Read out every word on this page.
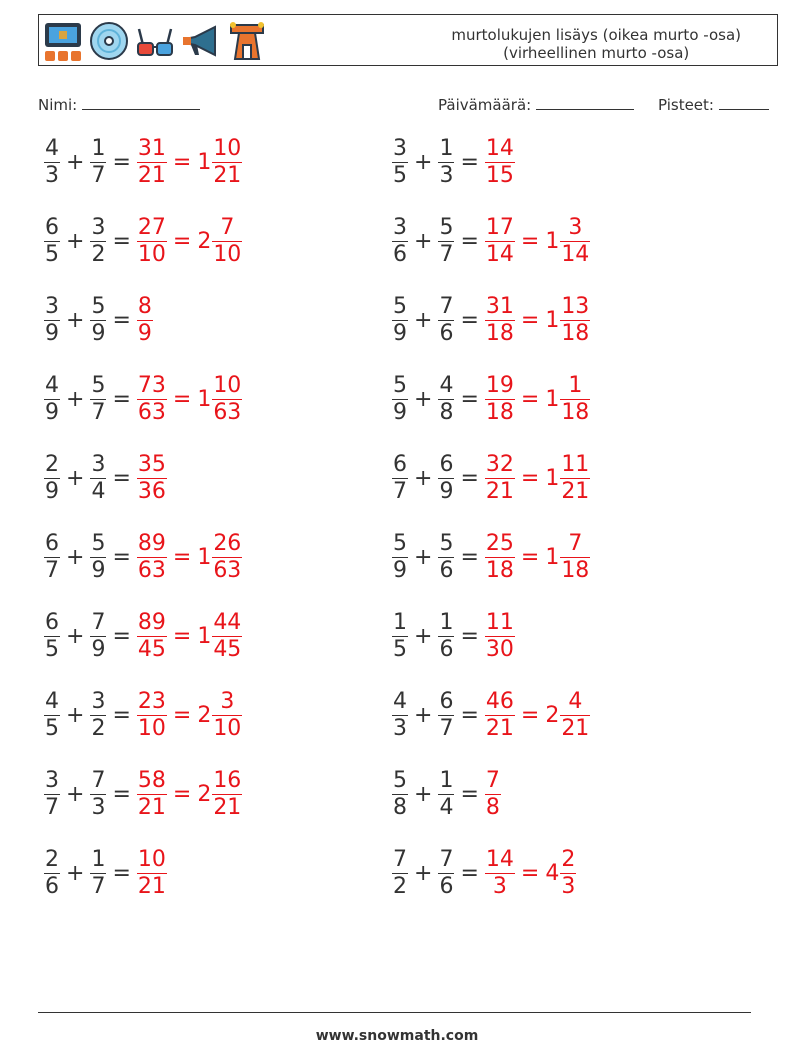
murtolukujen lisäys (oikea murto -osa)
(virheellinen murto -osa)
Nimi:	Päivämäärä:	Pisteet:
$\frac{4}{3} + \frac{1}{7} = \frac{31}{21} = 1 \frac{10}{21}$	$\frac{3}{5} + \frac{1}{3} = \frac{14}{15}$
$\frac{6}{5} + \frac{3}{2} = \frac{27}{10} = 2 \frac{7}{10}$	$\frac{3}{6} + \frac{5}{7} = \frac{17}{14} = 1 \frac{3}{14}$
$\frac{3}{9} + \frac{5}{9} = \frac{8}{9}$	$\frac{5}{9} + \frac{7}{6} = \frac{31}{18} = 1 \frac{13}{18}$
$\frac{4}{9} + \frac{5}{7} = \frac{73}{63} = 1 \frac{10}{63}$	$\frac{5}{9} + \frac{4}{8} = \frac{19}{18} = 1 \frac{1}{18}$
$\frac{2}{9} + \frac{3}{4} = \frac{35}{36}$	$\frac{6}{7} + \frac{6}{9} = \frac{32}{21} = 1 \frac{11}{21}$
$\frac{6}{7} + \frac{5}{9} = \frac{89}{63} = 1 \frac{26}{63}$	$\frac{5}{9} + \frac{5}{6} = \frac{25}{18} = 1 \frac{7}{18}$
$\frac{6}{5} + \frac{7}{9} = \frac{89}{45} = 1 \frac{44}{45}$	$\frac{1}{5} + \frac{1}{6} = \frac{11}{30}$
$\frac{4}{5} + \frac{3}{2} = \frac{23}{10} = 2 \frac{3}{10}$	$\frac{4}{3} + \frac{6}{7} = \frac{46}{21} = 2 \frac{4}{21}$
$\frac{3}{7} + \frac{7}{3} = \frac{58}{21} = 2 \frac{16}{21}$	$\frac{5}{8} + \frac{1}{4} = \frac{7}{8}$
$\frac{2}{6} + \frac{1}{7} = \frac{10}{21}$	$\frac{7}{2} + \frac{7}{6} = \frac{14}{3} = 4 \frac{2}{3}$
www.snowmath.com
